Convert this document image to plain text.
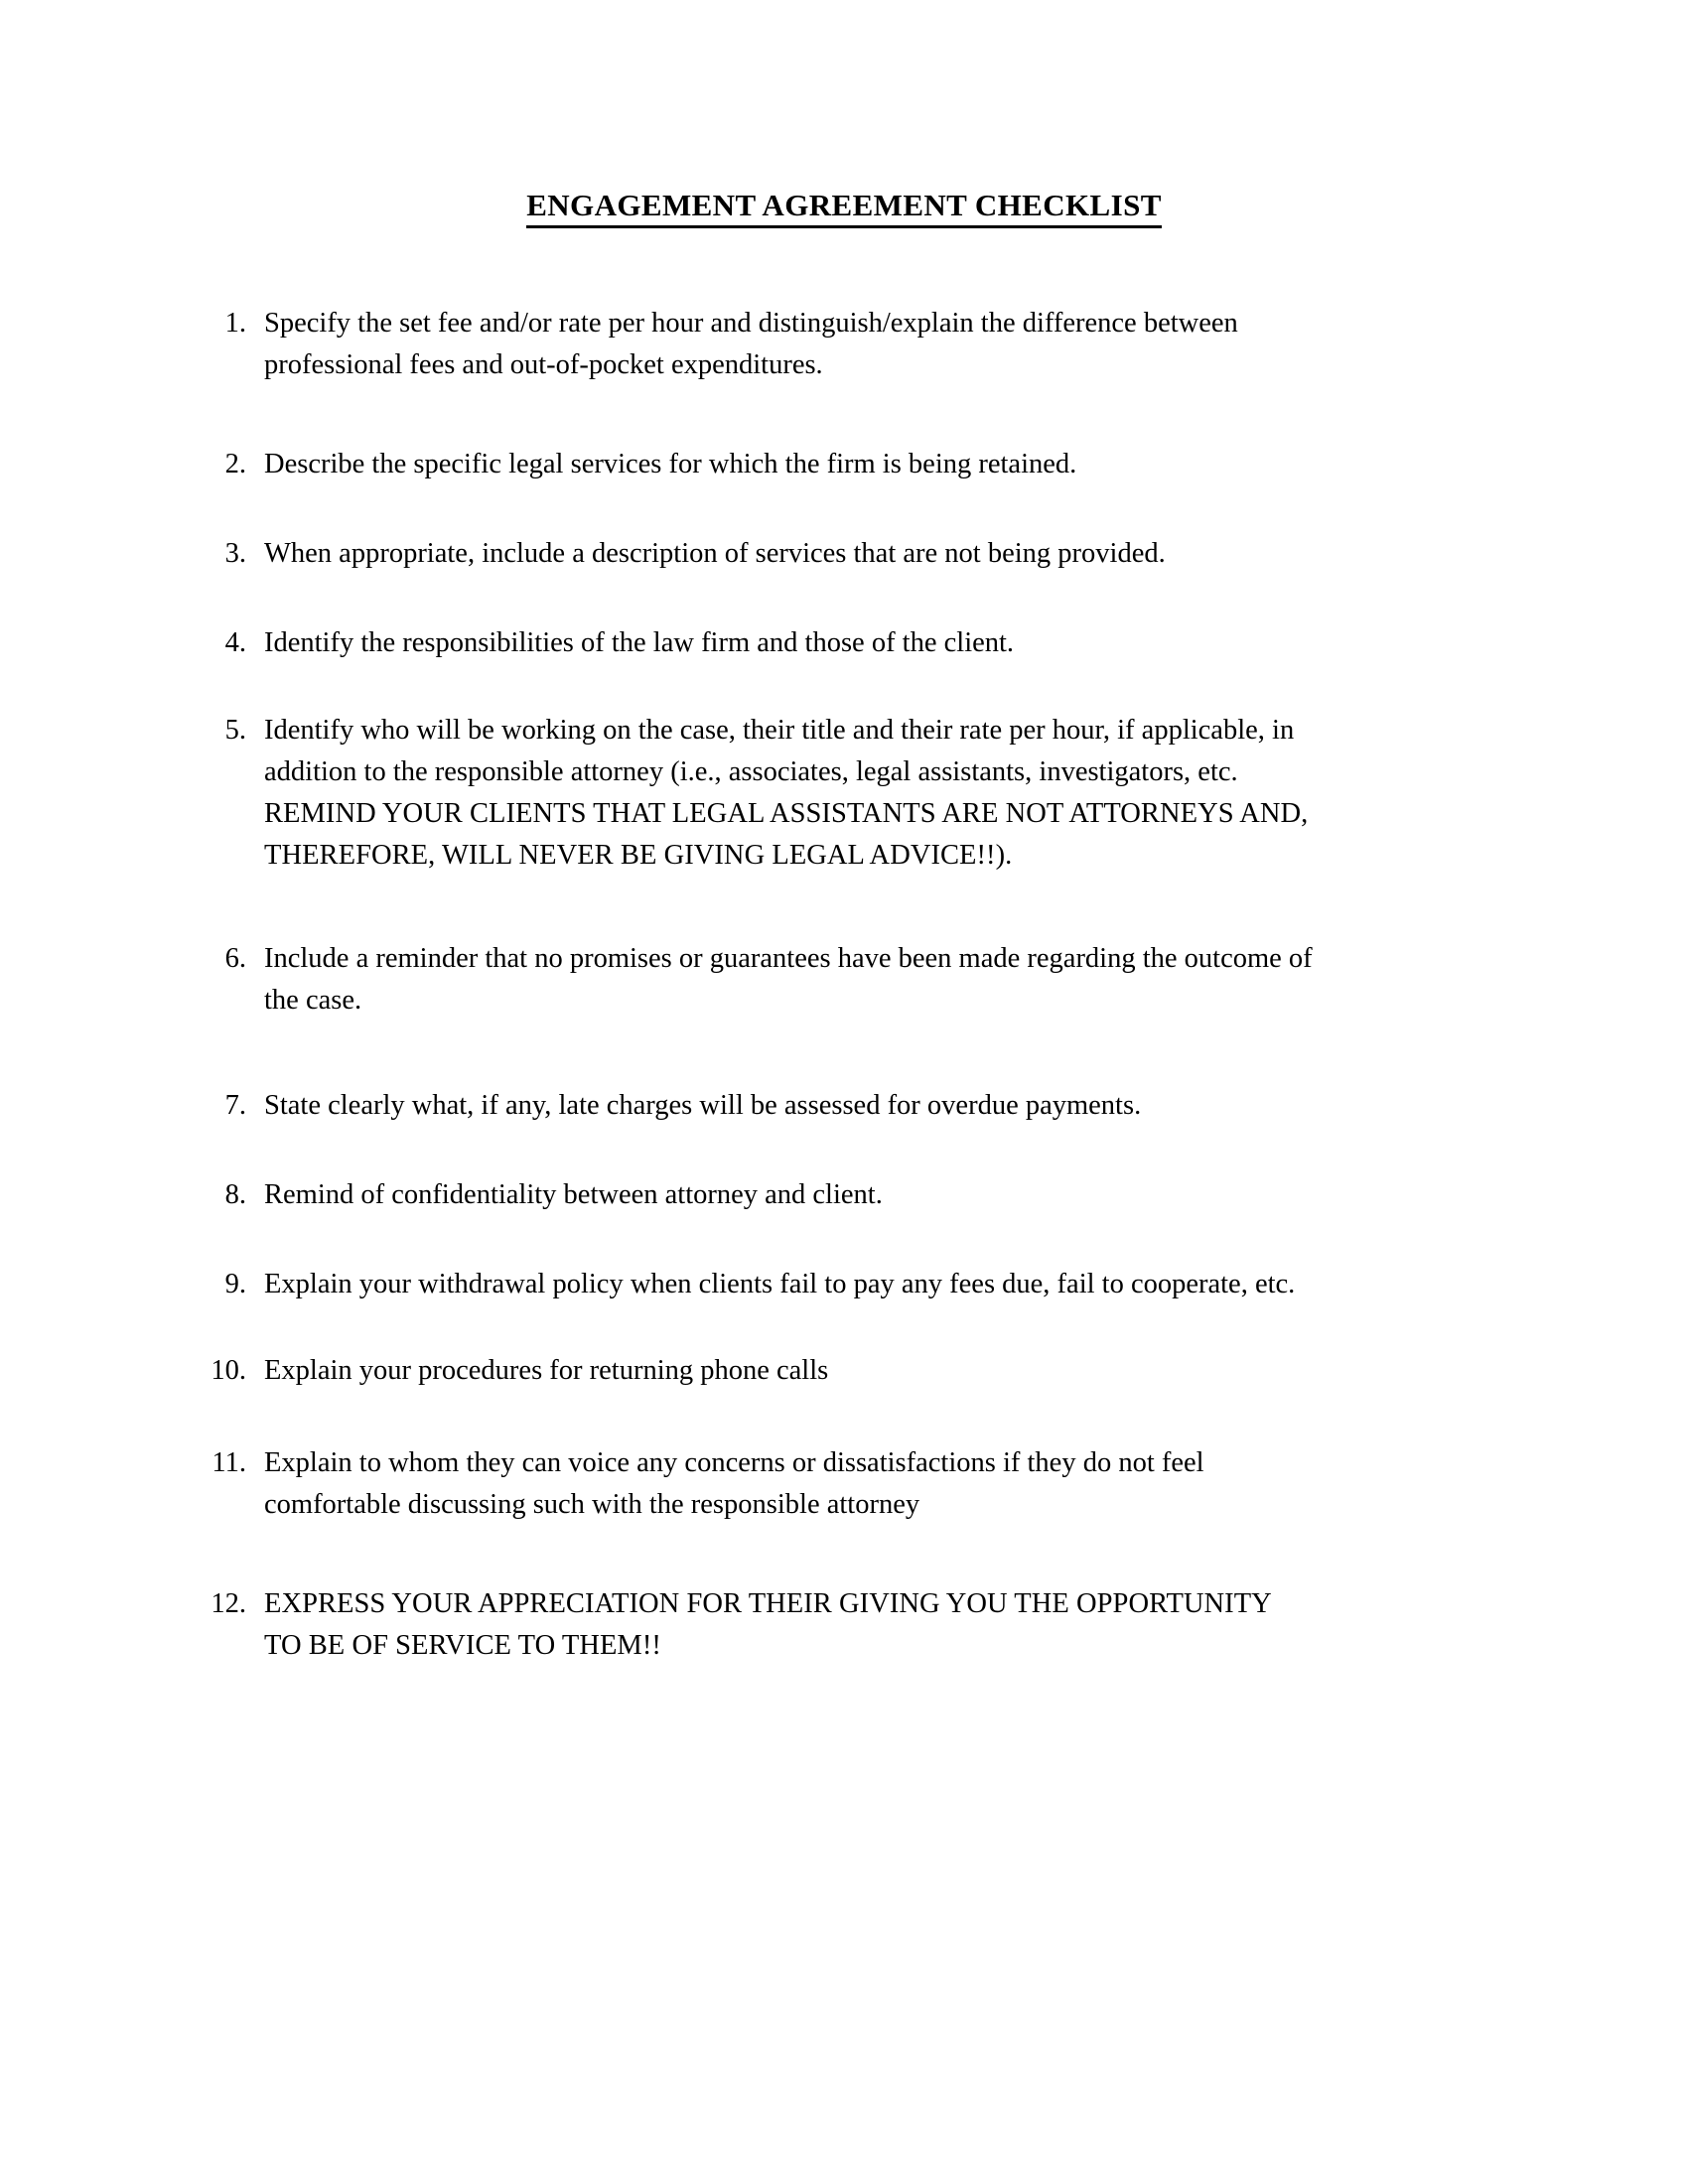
ENGAGEMENT AGREEMENT CHECKLIST
1. Specify the set fee and/or rate per hour and distinguish/explain the difference between
professional fees and out-of-pocket expenditures.
2. Describe the specific legal services for which the firm is being retained.
3. When appropriate, include a description of services that are not being provided.
4. Identify the responsibilities of the law firm and those of the client.
5. Identify who will be working on the case, their title and their rate per hour, if applicable, in
addition to the responsible attorney (i.e., associates, legal assistants, investigators, etc.
REMIND YOUR CLIENTS THAT LEGAL ASSISTANTS ARE NOT ATTORNEYS AND,
THEREFORE, WILL NEVER BE GIVING LEGAL ADVICE!!).
6. Include a reminder that no promises or guarantees have been made regarding the outcome of
the case.
7. State clearly what, if any, late charges will be assessed for overdue payments.
8. Remind of confidentiality between attorney and client.
9. Explain your withdrawal policy when clients fail to pay any fees due, fail to cooperate, etc.
10. Explain your procedures for returning phone calls
11. Explain to whom they can voice any concerns or dissatisfactions if they do not feel
comfortable discussing such with the responsible attorney
12. EXPRESS YOUR APPRECIATION FOR THEIR GIVING YOU THE OPPORTUNITY
TO BE OF SERVICE TO THEM!!
